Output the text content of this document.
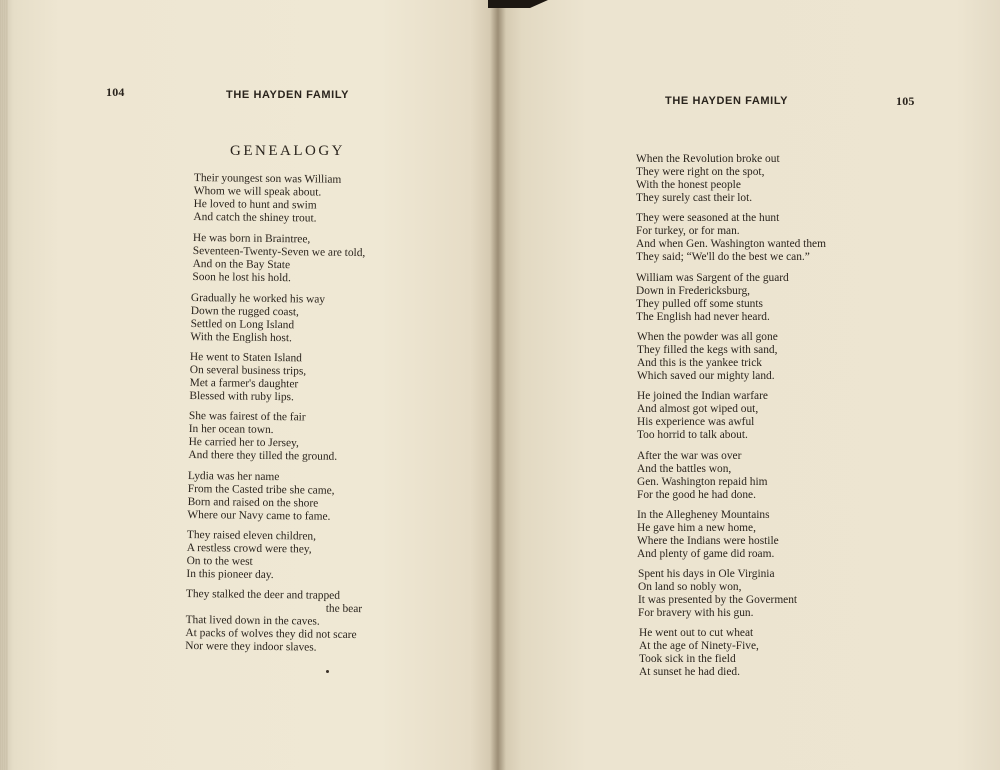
104	THE HAYDEN FAMILY
GENEALOGY
Their youngest son was William
Whom we will speak about.
He loved to hunt and swim
And catch the shiney trout.
He was born in Braintree,
Seventeen-Twenty-Seven we are told,
And on the Bay State
Soon he lost his hold.
Gradually he worked his way
Down the rugged coast,
Settled on Long Island
With the English host.
He went to Staten Island
On several business trips,
Met a farmer's daughter
Blessed with ruby lips.
She was fairest of the fair
In her ocean town.
He carried her to Jersey,
And there they tilled the ground.
Lydia was her name
From the Casted tribe she came,
Born and raised on the shore
Where our Navy came to fame.
They raised eleven children,
A restless crowd were they,
On to the west
In this pioneer day.
They stalked the deer and trapped
the bear
That lived down in the caves.
At packs of wolves they did not scare
Nor were they indoor slaves.
THE HAYDEN FAMILY	105
When the Revolution broke out
They were right on the spot,
With the honest people
They surely cast their lot.
They were seasoned at the hunt
For turkey, or for man.
And when Gen. Washington wanted them
They said; “We'll do the best we can.”
William was Sargent of the guard
Down in Fredericksburg,
They pulled off some stunts
The English had never heard.
When the powder was all gone
They filled the kegs with sand,
And this is the yankee trick
Which saved our mighty land.
He joined the Indian warfare
And almost got wiped out,
His experience was awful
Too horrid to talk about.
After the war was over
And the battles won,
Gen. Washington repaid him
For the good he had done.
In the Allegheney Mountains
He gave him a new home,
Where the Indians were hostile
And plenty of game did roam.
Spent his days in Ole Virginia
On land so nobly won,
It was presented by the Goverment
For bravery with his gun.
He went out to cut wheat
At the age of Ninety-Five,
Took sick in the field
At sunset he had died.
